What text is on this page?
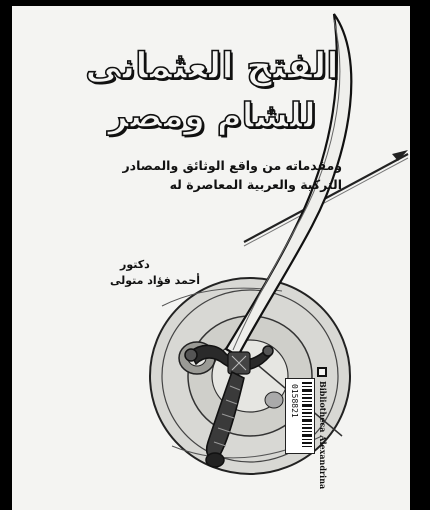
الفتح العثمانى
للشام ومصر
ومقدماته من واقع الوثائق والمصادر
التركية والعربية المعاصرة له
دكتور
أحمد فؤاد متولى
0158821 Bibliotheca Alexandrina
